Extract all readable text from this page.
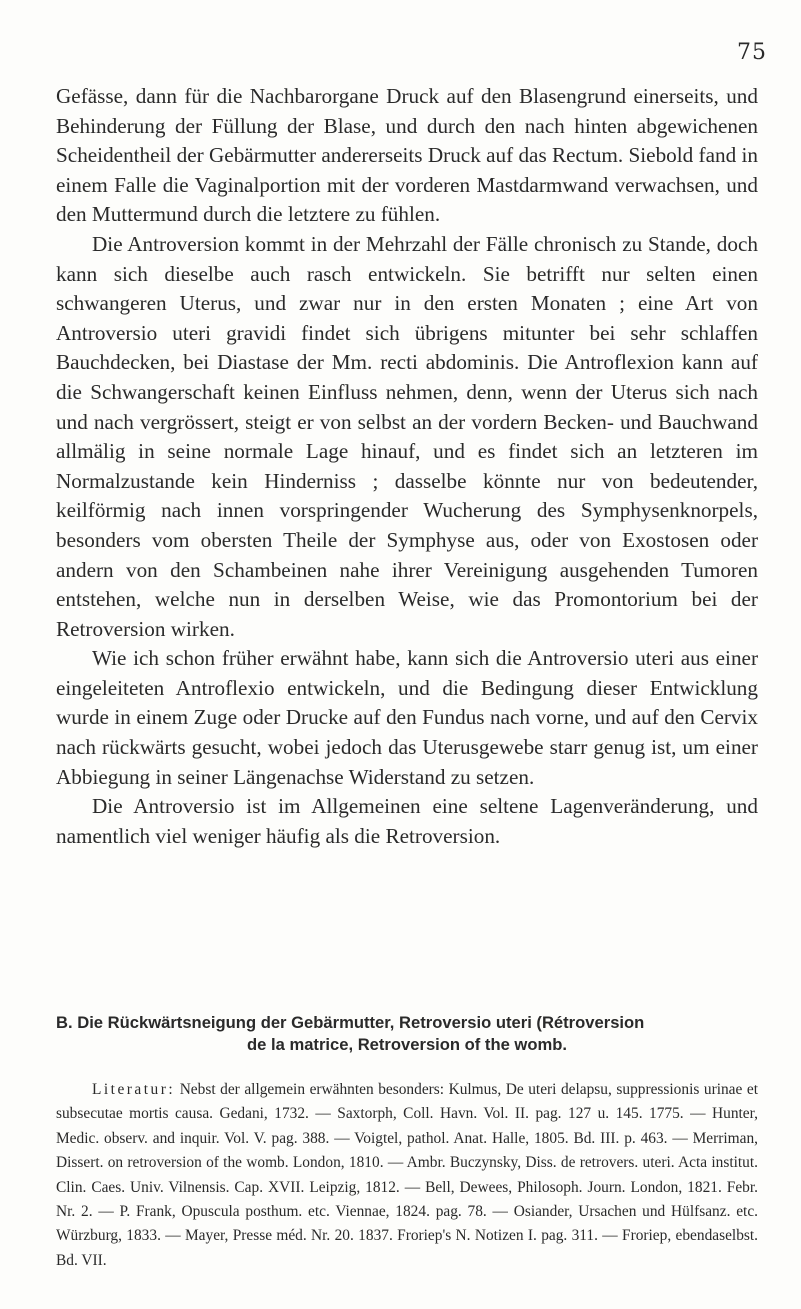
75

Gefässe, dann für die Nachbarorgane Druck auf den Blasengrund einerseits, und Behinderung der Füllung der Blase, und durch den nach hinten abgewichenen Scheidentheil der Gebärmutter andererseits Druck auf das Rectum. Siebold fand in einem Falle die Vaginalportion mit der vorderen Mastdarmwand verwachsen, und den Muttermund durch die letztere zu fühlen.

Die Antroversion kommt in der Mehrzahl der Fälle chronisch zu Stande, doch kann sich dieselbe auch rasch entwickeln. Sie betrifft nur selten einen schwangeren Uterus, und zwar nur in den ersten Monaten ; eine Art von Antroversio uteri gravidi findet sich übrigens mitunter bei sehr schlaffen Bauchdecken, bei Diastase der Mm. recti abdominis. Die Antroflexion kann auf die Schwangerschaft keinen Einfluss nehmen, denn, wenn der Uterus sich nach und nach vergrössert, steigt er von selbst an der vordern Becken- und Bauchwand allmälig in seine normale Lage hinauf, und es findet sich an letzteren im Normalzustande kein Hinderniss ; dasselbe könnte nur von bedeutender, keilförmig nach innen vorspringender Wucherung des Symphysenknorpels, besonders vom obersten Theile der Symphyse aus, oder von Exostosen oder andern von den Schambeinen nahe ihrer Vereinigung ausgehenden Tumoren entstehen, welche nun in derselben Weise, wie das Promontorium bei der Retroversion wirken.

Wie ich schon früher erwähnt habe, kann sich die Antroversio uteri aus einer eingeleiteten Antroflexio entwickeln, und die Bedingung dieser Entwicklung wurde in einem Zuge oder Drucke auf den Fundus nach vorne, und auf den Cervix nach rückwärts gesucht, wobei jedoch das Uterusgewebe starr genug ist, um einer Abbiegung in seiner Längenachse Widerstand zu setzen.

Die Antroversio ist im Allgemeinen eine seltene Lagenveränderung, und namentlich viel weniger häufig als die Retroversion.

B. Die Rückwärtsneigung der Gebärmutter, Retroversio uteri (Rétroversion
de la matrice, Retroversion of the womb.

Literatur: Nebst der allgemein erwähnten besonders: Kulmus, De uteri delapsu, suppressionis urinae et subsecutae mortis causa. Gedani, 1732. — Saxtorph, Coll. Havn. Vol. II. pag. 127 u. 145. 1775. — Hunter, Medic. observ. and inquir. Vol. V. pag. 388. — Voigtel, pathol. Anat. Halle, 1805. Bd. III. p. 463. — Merriman, Dissert. on retroversion of the womb. London, 1810. — Ambr. Buczynsky, Diss. de retrovers. uteri. Acta institut. Clin. Caes. Univ. Vilnensis. Cap. XVII. Leipzig, 1812. — Bell, Dewees, Philosoph. Journ. London, 1821. Febr. Nr. 2. — P. Frank, Opuscula posthum. etc. Viennae, 1824. pag. 78. — Osiander, Ursachen und Hülfsanz. etc. Würzburg, 1833. — Mayer, Presse méd. Nr. 20. 1837. Froriep's N. Notizen I. pag. 311. — Froriep, ebendaselbst. Bd. VII.
